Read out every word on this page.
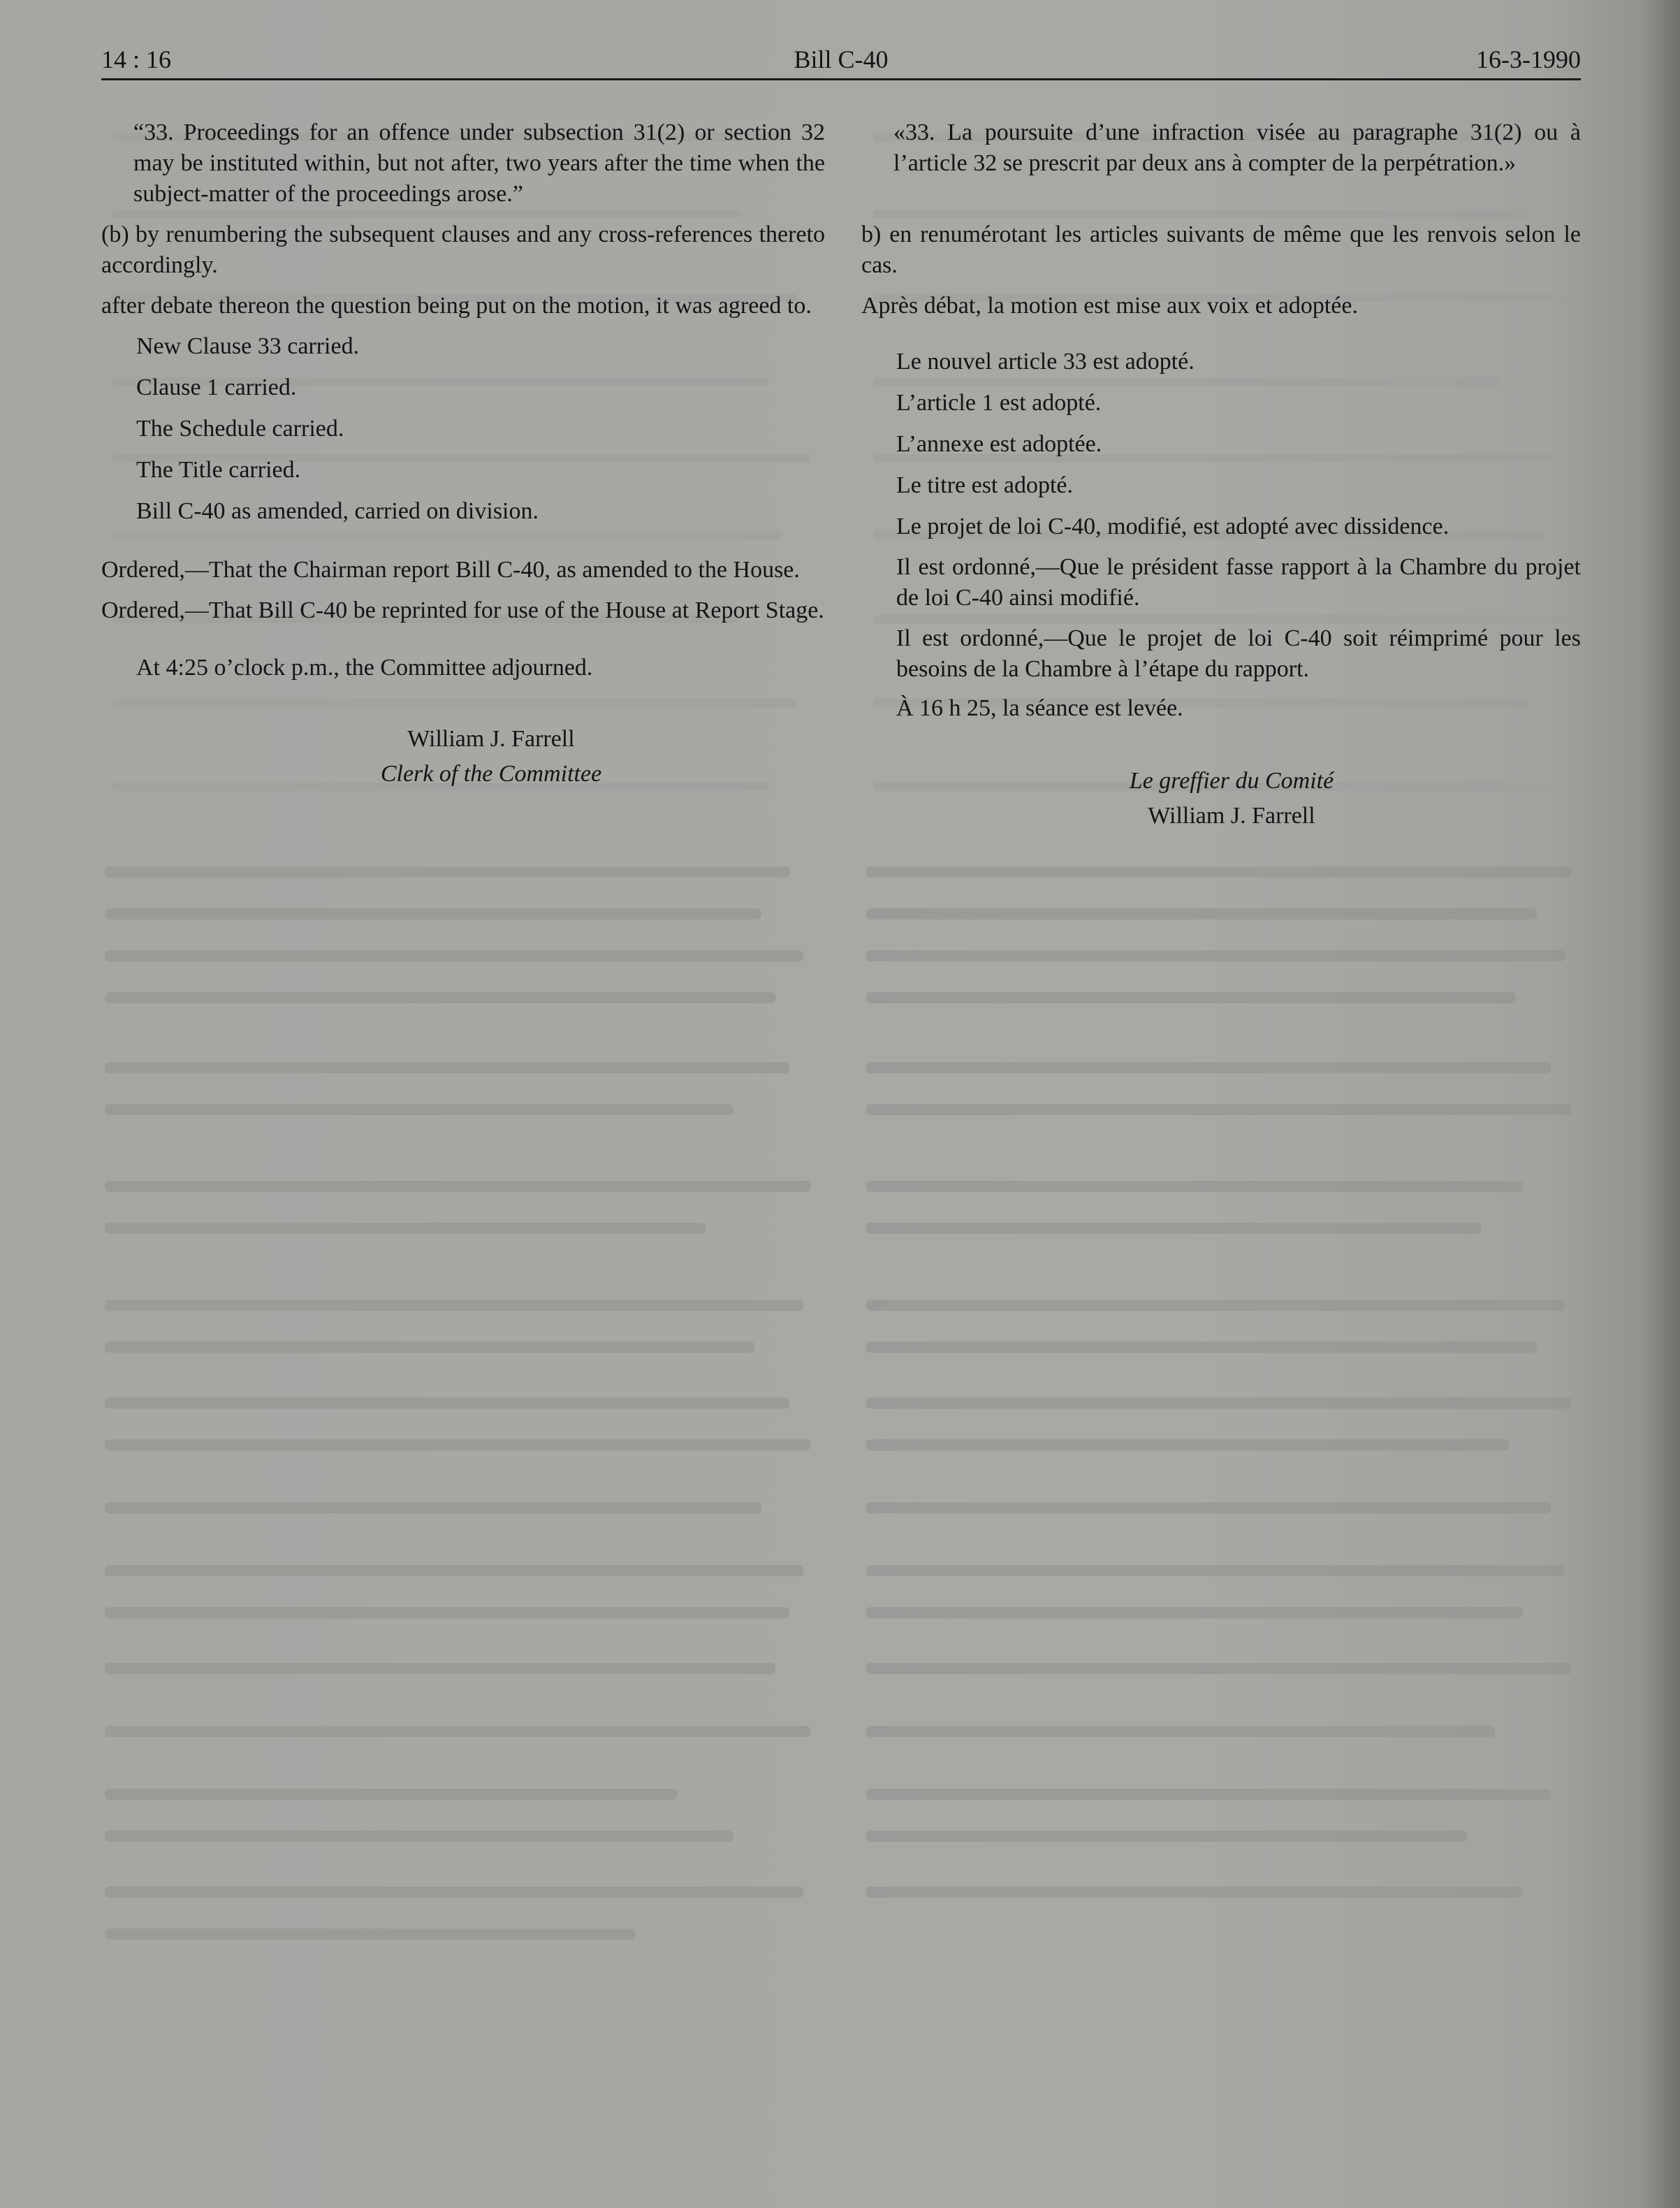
14 : 16	Bill C-40	16-3-1990

“33. Proceedings for an offence under subsection 31(2) or section 32 may be instituted within, but not after, two years after the time when the subject-matter of the proceedings arose.”

(b) by renumbering the subsequent clauses and any cross-references thereto accordingly.

after debate thereon the question being put on the motion, it was agreed to.

New Clause 33 carried.

Clause 1 carried.

The Schedule carried.

The Title carried.

Bill C-40 as amended, carried on division.

Ordered,—That the Chairman report Bill C-40, as amended to the House.

Ordered,—That Bill C-40 be reprinted for use of the House at Report Stage.

At 4:25 o’clock p.m., the Committee adjourned.

William J. Farrell

Clerk of the Committee

«33. La poursuite d’une infraction visée au paragraphe 31(2) ou à l’article 32 se prescrit par deux ans à compter de la perpétration.»

b) en renumérotant les articles suivants de même que les renvois selon le cas.

Après débat, la motion est mise aux voix et adoptée.

Le nouvel article 33 est adopté.

L’article 1 est adopté.

L’annexe est adoptée.

Le titre est adopté.

Le projet de loi C-40, modifié, est adopté avec dissidence.

Il est ordonné,—Que le président fasse rapport à la Chambre du projet de loi C-40 ainsi modifié.

Il est ordonné,—Que le projet de loi C-40 soit réimprimé pour les besoins de la Chambre à l’étape du rapport.

À 16 h 25, la séance est levée.

Le greffier du Comité

William J. Farrell
